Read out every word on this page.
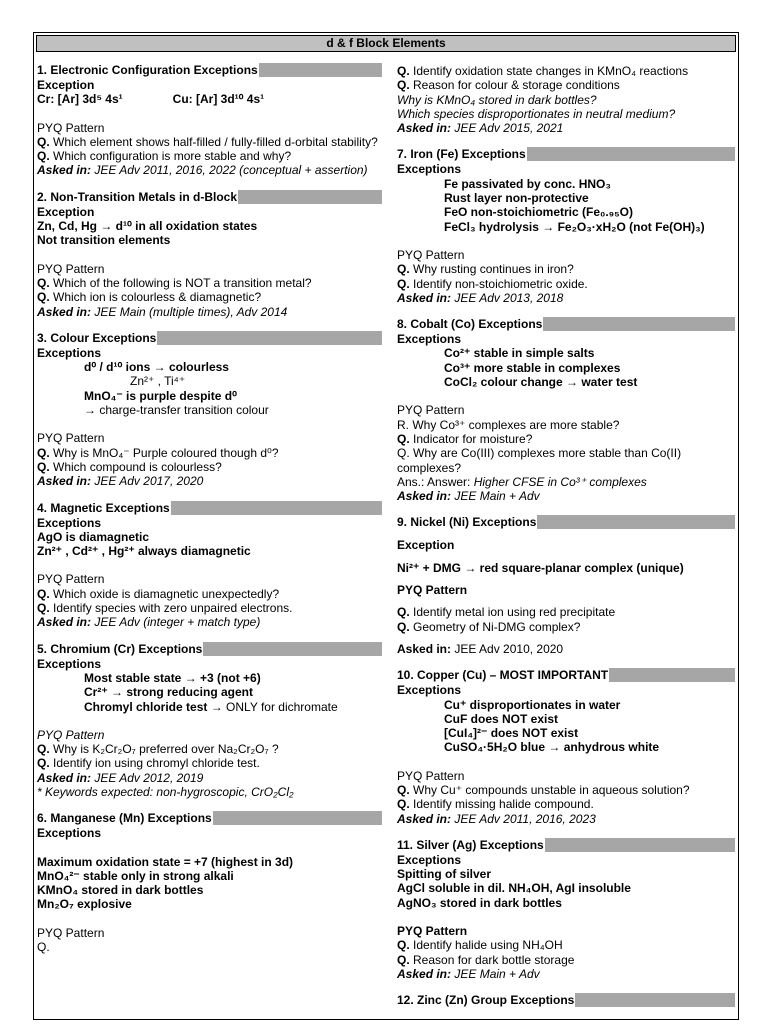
d & f Block Elements
1. Electronic Configuration Exceptions
Exception
Cr: [Ar] 3d⁵ 4s¹	Cu: [Ar] 3d¹⁰ 4s¹
PYQ Pattern
Q. Which element shows half-filled / fully-filled d-orbital stability?
Q. Which configuration is more stable and why?
Asked in: JEE Adv 2011, 2016, 2022 (conceptual + assertion)
2. Non-Transition Metals in d-Block
Exception
Zn, Cd, Hg → d¹⁰ in all oxidation states
Not transition elements
PYQ Pattern
Q. Which of the following is NOT a transition metal?
Q. Which ion is colourless & diamagnetic?
Asked in: JEE Main (multiple times), Adv 2014
3. Colour Exceptions
Exceptions
d⁰ / d¹⁰ ions → colourless
Zn²⁺ , Ti⁴⁺
MnO₄⁻ is purple despite d⁰
→ charge-transfer transition colour
PYQ Pattern
Q. Why is MnO₄⁻ Purple coloured though d⁰?
Q. Which compound is colourless?
Asked in: JEE Adv 2017, 2020
4. Magnetic Exceptions
Exceptions
AgO is diamagnetic
Zn²⁺ , Cd²⁺ , Hg²⁺ always diamagnetic
PYQ Pattern
Q. Which oxide is diamagnetic unexpectedly?
Q. Identify species with zero unpaired electrons.
Asked in: JEE Adv (integer + match type)
5. Chromium (Cr) Exceptions
Exceptions
Most stable state → +3 (not +6)
Cr²⁺ → strong reducing agent
Chromyl chloride test → ONLY for dichromate
PYQ Pattern
Q. Why is K₂Cr₂O₇ preferred over Na₂Cr₂O₇ ?
Q. Identify ion using chromyl chloride test.
Asked in: JEE Adv 2012, 2019
* Keywords expected: non-hygroscopic, CrO₂Cl₂
6. Manganese (Mn) Exceptions
Exceptions
Maximum oxidation state = +7 (highest in 3d)
MnO₄²⁻ stable only in strong alkali
KMnO₄ stored in dark bottles
Mn₂O₇ explosive
PYQ Pattern
Q.
Q. Identify oxidation state changes in KMnO₄ reactions
Q. Reason for colour & storage conditions
Why is KMnO₄ stored in dark bottles?
Which species disproportionates in neutral medium?
Asked in: JEE Adv 2015, 2021
7. Iron (Fe) Exceptions
Exceptions
Fe passivated by conc. HNO₃
Rust layer non-protective
FeO non-stoichiometric (Fe₀.₉₅O)
FeCl₃ hydrolysis → Fe₂O₃·xH₂O (not Fe(OH)₃)
PYQ Pattern
Q. Why rusting continues in iron?
Q. Identify non-stoichiometric oxide.
Asked in: JEE Adv 2013, 2018
8. Cobalt (Co) Exceptions
Exceptions
Co²⁺ stable in simple salts
Co³⁺ more stable in complexes
CoCl₂ colour change → water test
PYQ Pattern
R. Why Co³⁺ complexes are more stable?
Q. Indicator for moisture?
Q. Why are Co(III) complexes more stable than Co(II) complexes?
Ans.: Answer: Higher CFSE in Co³⁺ complexes
Asked in: JEE Main + Adv
9. Nickel (Ni) Exceptions
Exception
Ni²⁺ + DMG → red square-planar complex (unique)
PYQ Pattern
Q. Identify metal ion using red precipitate
Q. Geometry of Ni-DMG complex?
Asked in: JEE Adv 2010, 2020
10. Copper (Cu) – MOST IMPORTANT
Exceptions
Cu⁺ disproportionates in water
CuF does NOT exist
[CuI₄]²⁻ does NOT exist
CuSO₄·5H₂O blue → anhydrous white
PYQ Pattern
Q. Why Cu⁺ compounds unstable in aqueous solution?
Q. Identify missing halide compound.
Asked in: JEE Adv 2011, 2016, 2023
11. Silver (Ag) Exceptions
Exceptions
Spitting of silver
AgCl soluble in dil. NH₄OH, AgI insoluble
AgNO₃ stored in dark bottles
PYQ Pattern
Q. Identify halide using NH₄OH
Q. Reason for dark bottle storage
Asked in: JEE Main + Adv
12. Zinc (Zn) Group Exceptions
